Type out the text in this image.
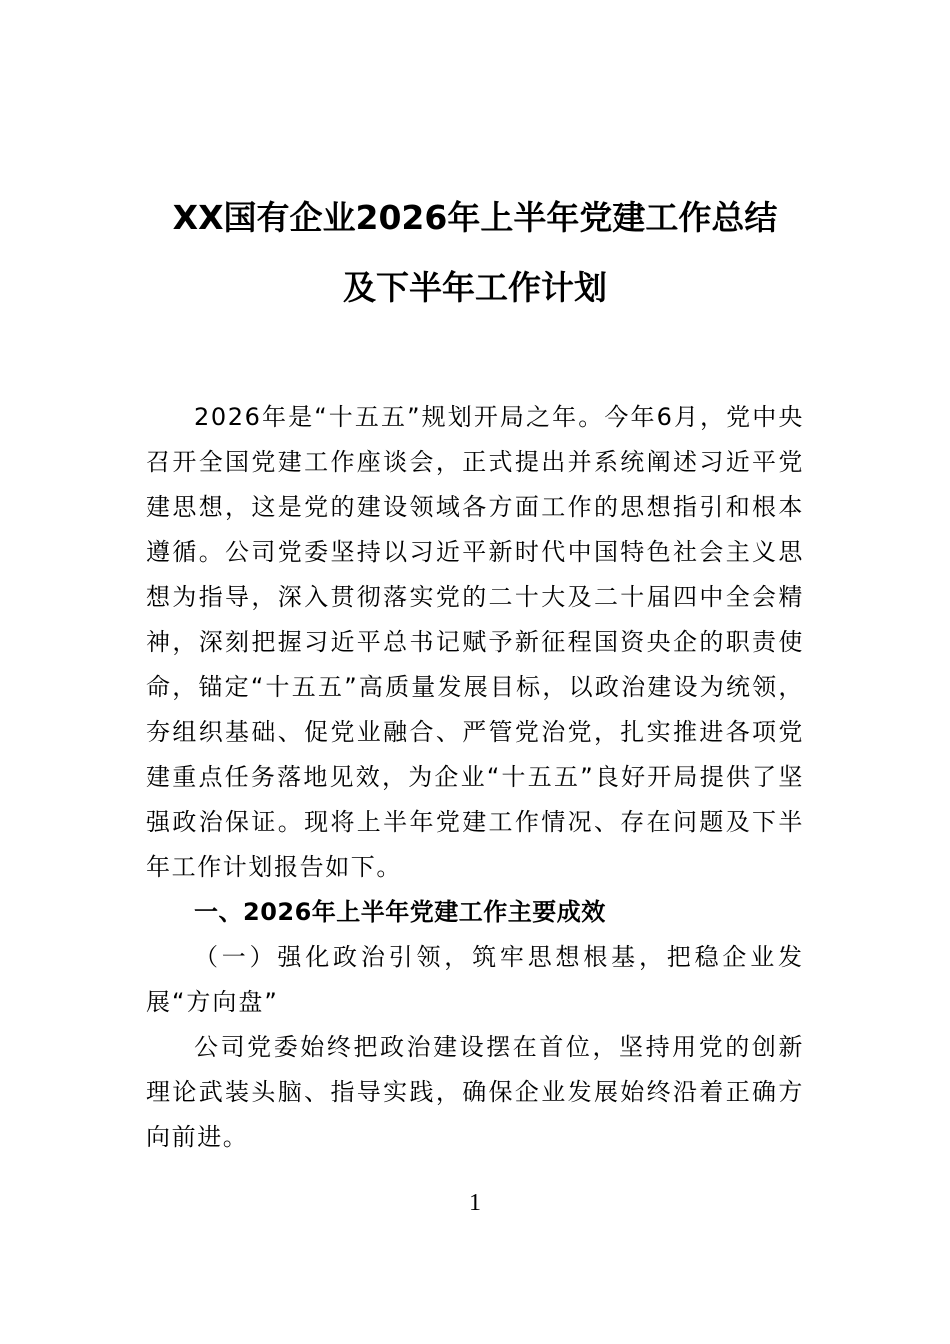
XX国有企业2026年上半年党建工作总结
及下半年工作计划

2026年是“十五五”规划开局之年。今年6月，党中央召开全国党建工作座谈会，正式提出并系统阐述习近平党建思想，这是党的建设领域各方面工作的思想指引和根本遵循。公司党委坚持以习近平新时代中国特色社会主义思想为指导，深入贯彻落实党的二十大及二十届四中全会精神，深刻把握习近平总书记赋予新征程国资央企的职责使命，锚定“十五五”高质量发展目标，以政治建设为统领，夯组织基础、促党业融合、严管党治党，扎实推进各项党建重点任务落地见效，为企业“十五五”良好开局提供了坚强政治保证。现将上半年党建工作情况、存在问题及下半年工作计划报告如下。

一、2026年上半年党建工作主要成效

（一）强化政治引领，筑牢思想根基，把稳企业发展“方向盘”

公司党委始终把政治建设摆在首位，坚持用党的创新理论武装头脑、指导实践，确保企业发展始终沿着正确方向前进。

1
